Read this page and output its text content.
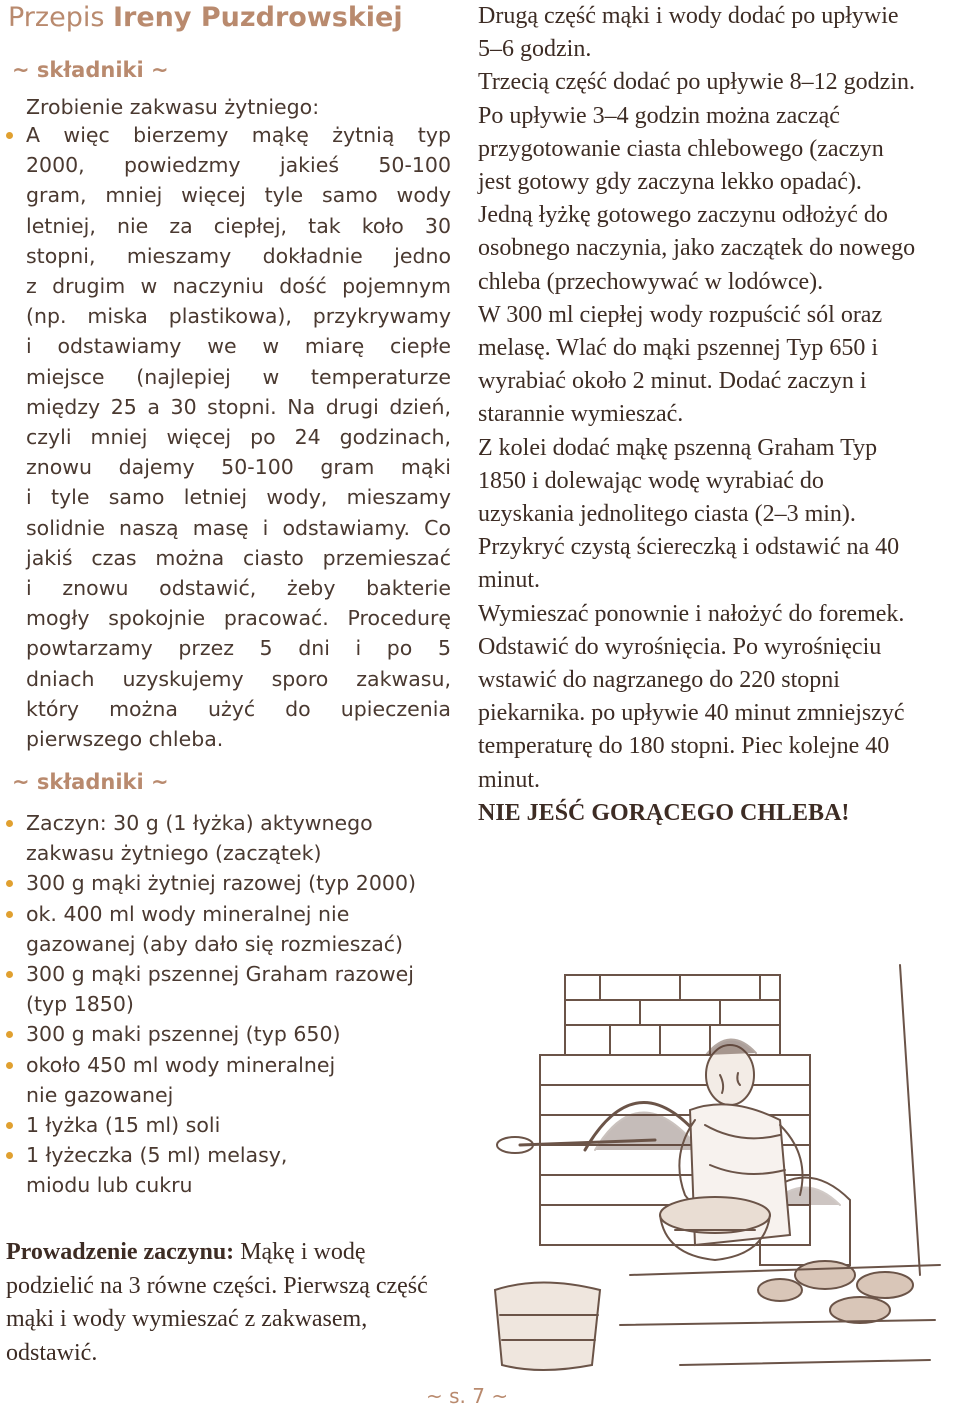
Przepis Ireny Puzdrowskiej
~ składniki ~
Zrobienie zakwasu żytniego:
A więc bierzemy mąkę żytnią typ
2000, powiedzmy jakieś 50-100
gram, mniej więcej tyle samo wody
letniej, nie za ciepłej, tak koło 30
stopni, mieszamy dokładnie jedno
z drugim w naczyniu dość pojemnym
(np. miska plastikowa), przykrywamy
i odstawiamy we w miarę ciepłe
miejsce (najlepiej w temperaturze
między 25 a 30 stopni. Na drugi dzień,
czyli mniej więcej po 24 godzinach,
znowu dajemy 50-100 gram mąki
i tyle samo letniej wody, mieszamy
solidnie naszą masę i odstawiamy. Co
jakiś czas można ciasto przemieszać
i znowu odstawić, żeby bakterie
mogły spokojnie pracować. Procedurę
powtarzamy przez 5 dni i po 5
dniach uzyskujemy sporo zakwasu,
który można użyć do upieczenia
pierwszego chleba.
~ składniki ~
Zaczyn: 30 g (1 łyżka) aktywnego
zakwasu żytniego (zaczątek)
300 g mąki żytniej razowej (typ 2000)
ok. 400 ml wody mineralnej nie
gazowanej (aby dało się rozmieszać)
300 g mąki pszennej Graham razowej
(typ 1850)
300 g maki pszennej (typ 650)
około 450 ml wody mineralnej
nie gazowanej
1 łyżka (15 ml) soli
1 łyżeczka (5 ml) melasy,
miodu lub cukru
Prowadzenie zaczynu: Mąkę i wodę podzielić na 3 równe części. Pierwszą część mąki i wody wymieszać z zakwasem, odstawić.

Drugą część mąki i wody dodać po upływie 5–6 godzin.

Trzecią część dodać po upływie 8–12 godzin.

Po upływie 3–4 godzin można zacząć przygotowanie ciasta chlebowego (zaczyn jest gotowy gdy zaczyna lekko opadać).

Jedną łyżkę gotowego zaczynu odłożyć do osobnego naczynia, jako zaczątek do nowego chleba (przechowywać w lodówce).

W 300 ml ciepłej wody rozpuścić sól oraz melasę. Wlać do mąki pszennej Typ 650 i wyrabiać około 2 minut. Dodać zaczyn i starannie wymieszać.

Z kolei dodać mąkę pszenną Graham Typ 1850 i dolewając wodę wyrabiać do uzyskania jednolitego ciasta (2–3 min).

Przykryć czystą ściereczką i odstawić na 40 minut.

Wymieszać ponownie i nałożyć do foremek. Odstawić do wyrośnięcia. Po wyrośnięciu wstawić do nagrzanego do 220 stopni piekarnika. po upływie 40 minut zmniejszyć temperaturę do 180 stopni. Piec kolejne 40 minut.

NIE JEŚĆ GORĄCEGO CHLEBA!

~ s. 7 ~
